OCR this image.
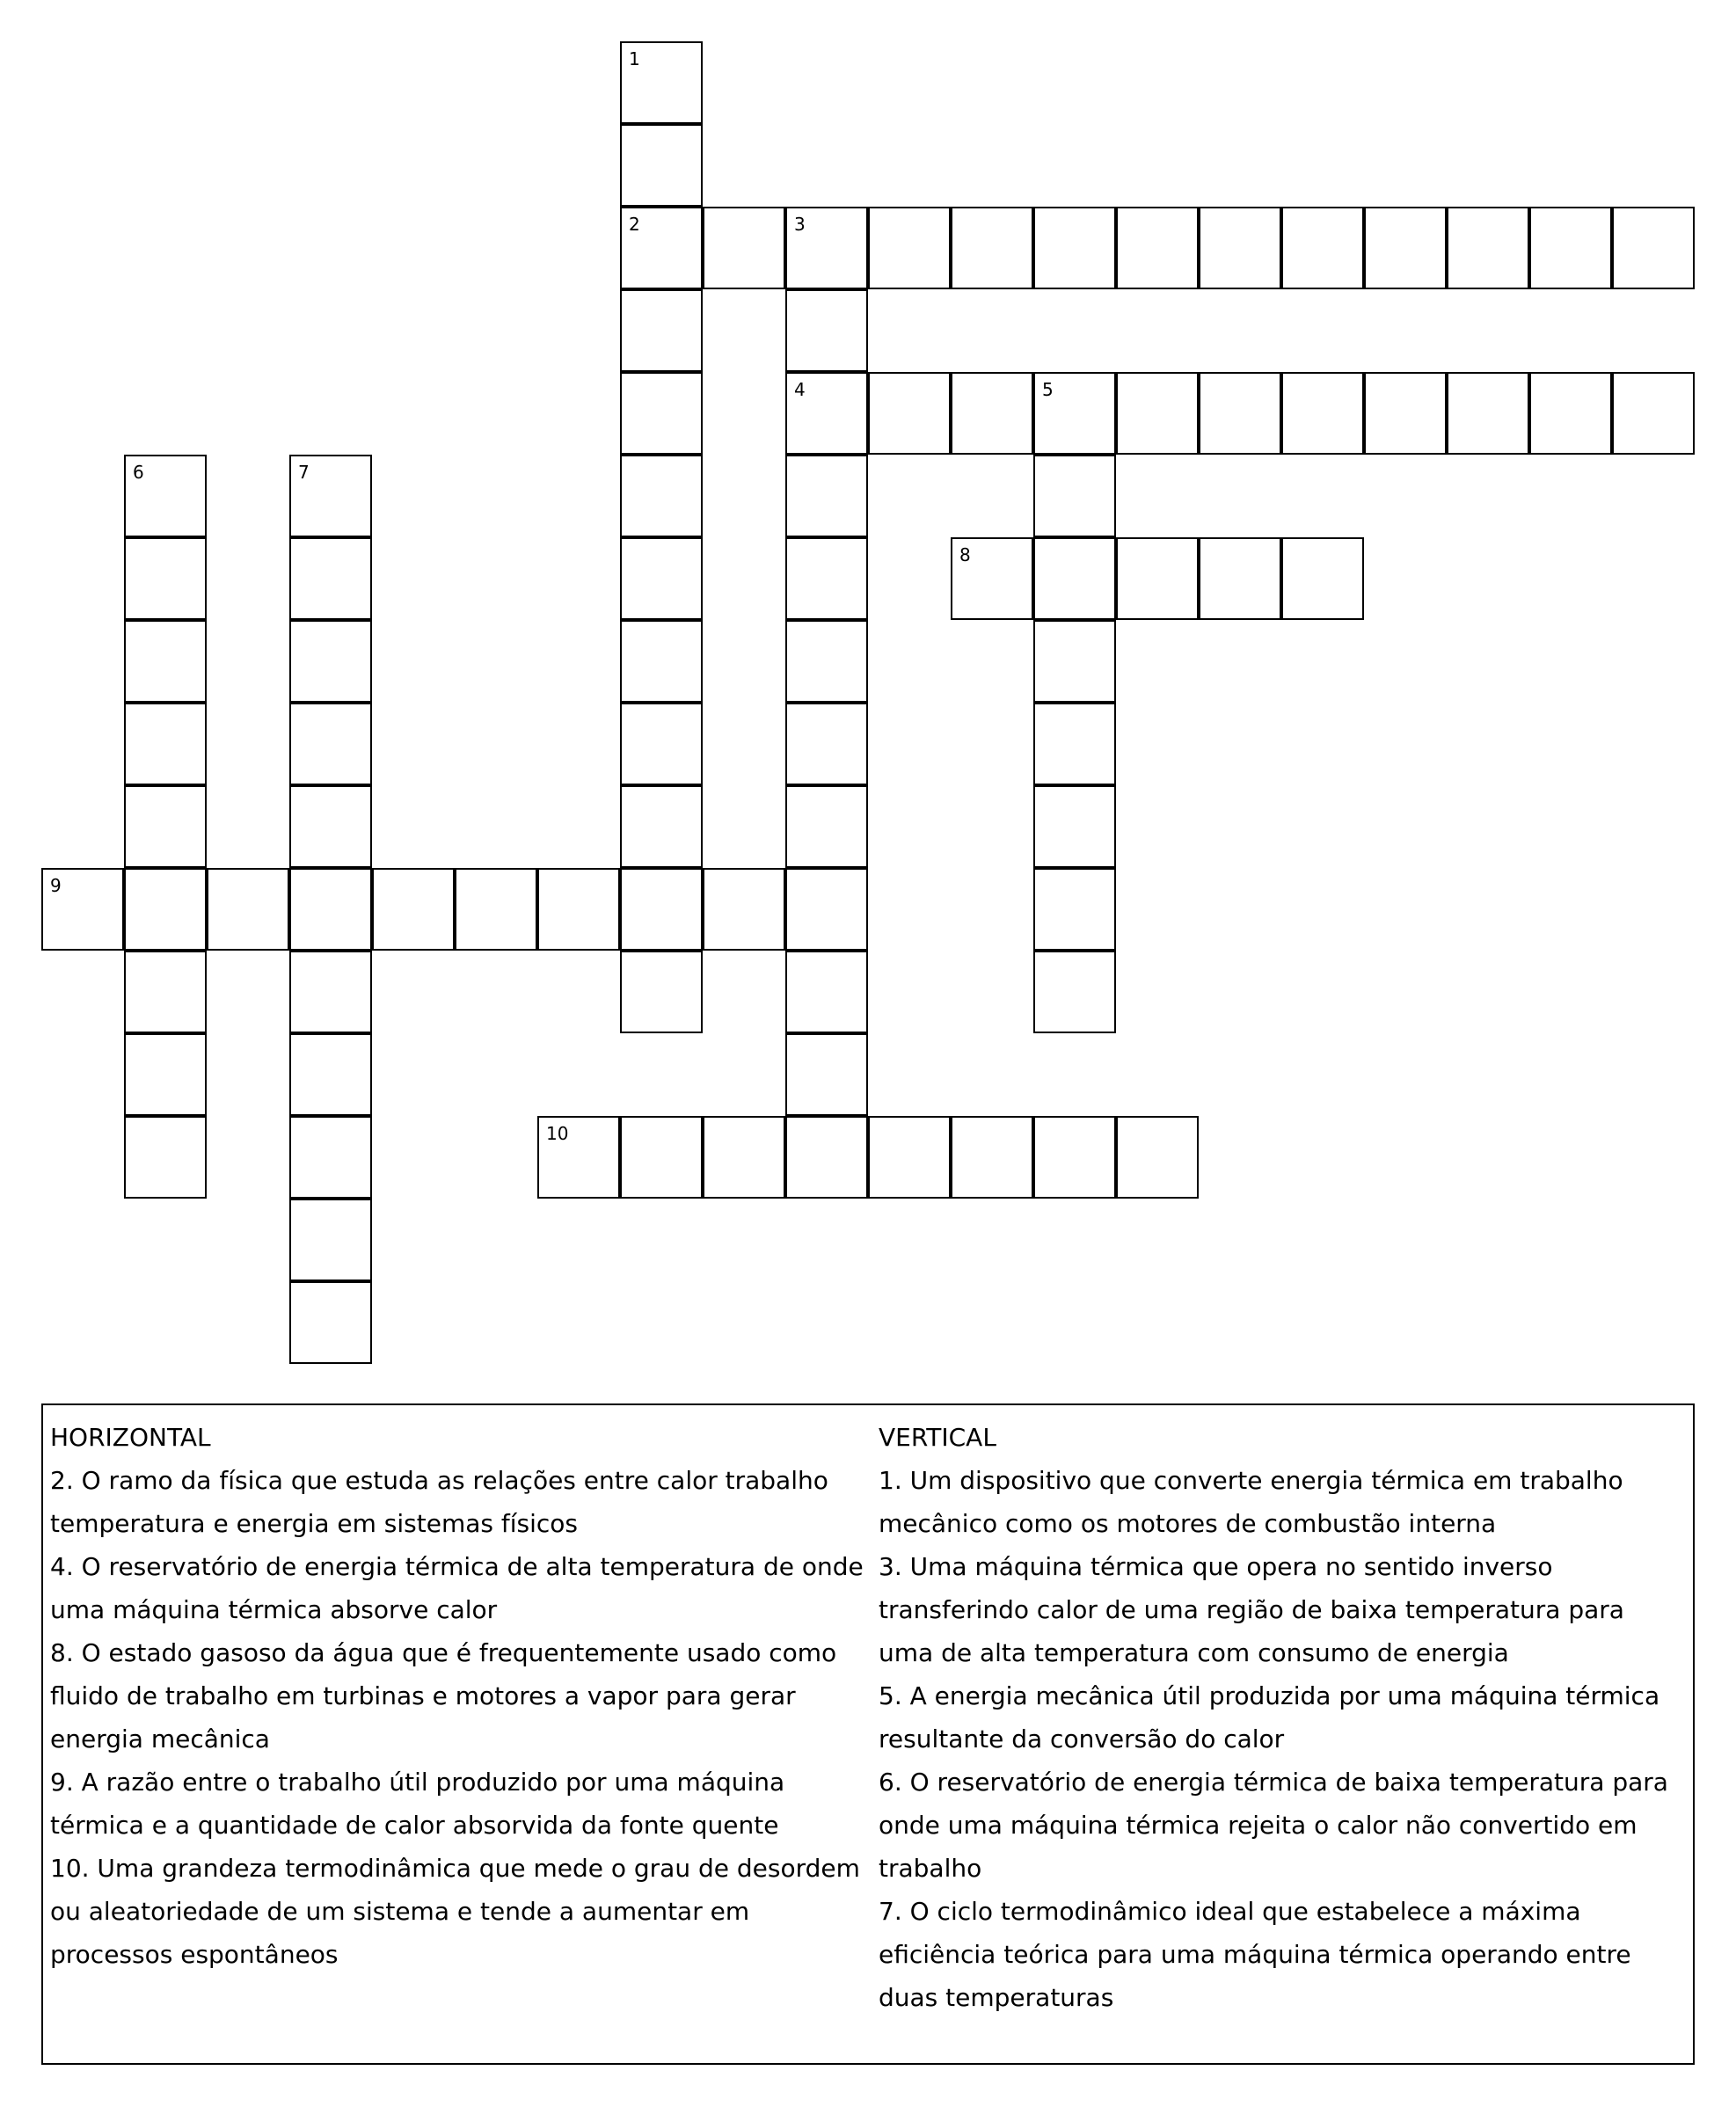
1
2	3
4	5
6	7
8
9
10
HORIZONTAL
2. O ramo da física que estuda as relações entre calor trabalho temperatura e energia em sistemas físicos
4. O reservatório de energia térmica de alta temperatura de onde uma máquina térmica absorve calor
8. O estado gasoso da água que é frequentemente usado como fluido de trabalho em turbinas e motores a vapor para gerar energia mecânica
9. A razão entre o trabalho útil produzido por uma máquina térmica e a quantidade de calor absorvida da fonte quente
10. Uma grandeza termodinâmica que mede o grau de desordem ou aleatoriedade de um sistema e tende a aumentar em processos espontâneos
VERTICAL
1. Um dispositivo que converte energia térmica em trabalho mecânico como os motores de combustão interna
3. Uma máquina térmica que opera no sentido inverso transferindo calor de uma região de baixa temperatura para uma de alta temperatura com consumo de energia
5. A energia mecânica útil produzida por uma máquina térmica resultante da conversão do calor
6. O reservatório de energia térmica de baixa temperatura para onde uma máquina térmica rejeita o calor não convertido em trabalho
7. O ciclo termodinâmico ideal que estabelece a máxima eficiência teórica para uma máquina térmica operando entre duas temperaturas
